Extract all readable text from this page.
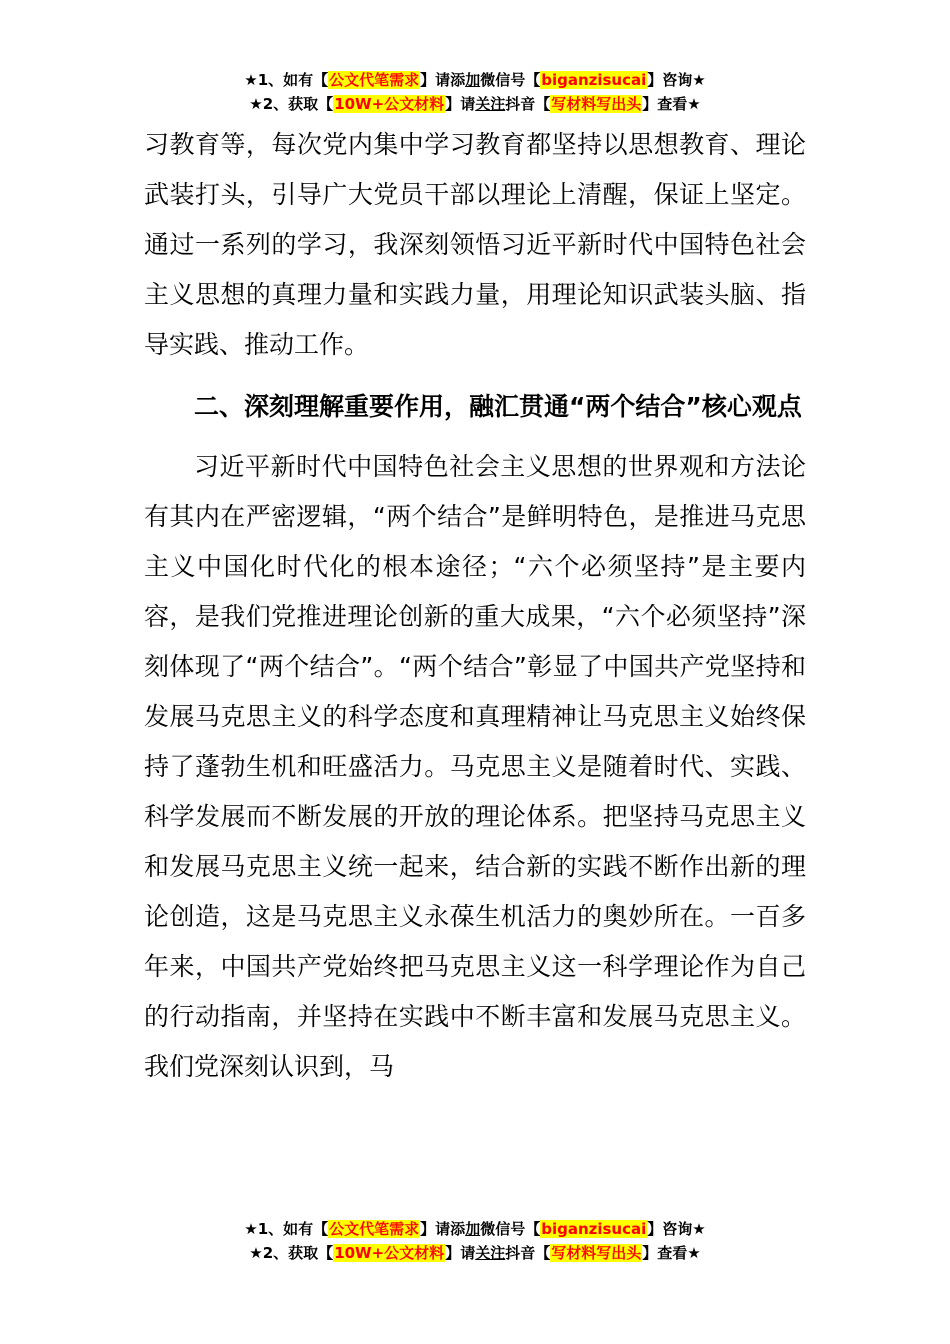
★1、如有【公文代笔需求】请添加微信号【biganzisucai】咨询★
★2、获取【10W+公文材料】请关注抖音【写材料写出头】查看★

习教育等，每次党内集中学习教育都坚持以思想教育、理论武装打头，引导广大党员干部以理论上清醒，保证上坚定。通过一系列的学习，我深刻领悟习近平新时代中国特色社会主义思想的真理力量和实践力量，用理论知识武装头脑、指导实践、推动工作。

二、深刻理解重要作用，融汇贯通“两个结合”核心观点

习近平新时代中国特色社会主义思想的世界观和方法论有其内在严密逻辑，“两个结合”是鲜明特色，是推进马克思主义中国化时代化的根本途径；“六个必须坚持”是主要内容，是我们党推进理论创新的重大成果，“六个必须坚持”深刻体现了“两个结合”。“两个结合”彰显了中国共产党坚持和发展马克思主义的科学态度和真理精神让马克思主义始终保持了蓬勃生机和旺盛活力。马克思主义是随着时代、实践、科学发展而不断发展的开放的理论体系。把坚持马克思主义和发展马克思主义统一起来，结合新的实践不断作出新的理论创造，这是马克思主义永葆生机活力的奥妙所在。一百多年来，中国共产党始终把马克思主义这一科学理论作为自己的行动指南，并坚持在实践中不断丰富和发展马克思主义。我们党深刻认识到，马

★1、如有【公文代笔需求】请添加微信号【biganzisucai】咨询★
★2、获取【10W+公文材料】请关注抖音【写材料写出头】查看★
